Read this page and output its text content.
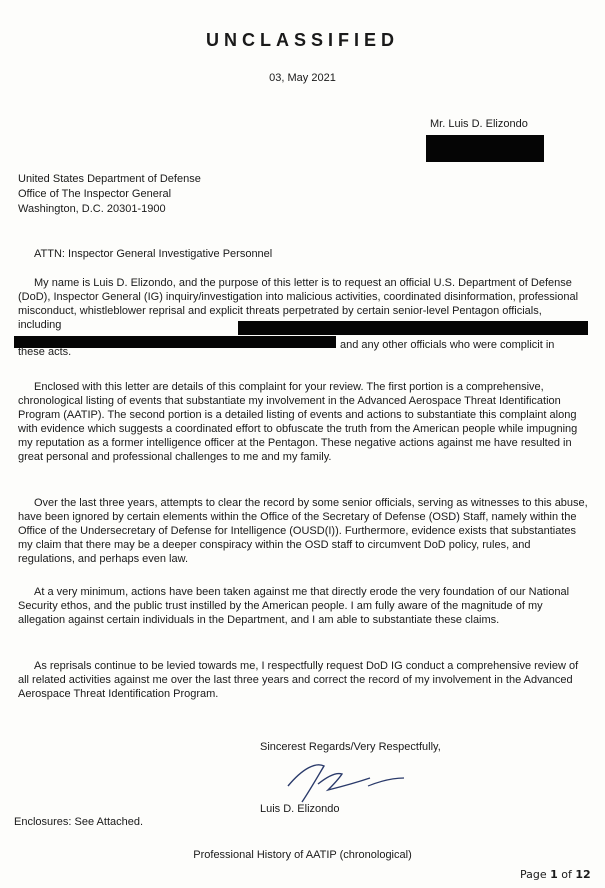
UNCLASSIFIED
03, May 2021
Mr. Luis D. Elizondo
United States Department of Defense
Office of The Inspector General
Washington, D.C. 20301-1900
ATTN: Inspector General Investigative Personnel

My name is Luis D. Elizondo, and the purpose of this letter is to request an official U.S. Department of Defense (DoD), Inspector General (IG) inquiry/investigation into malicious activities, coordinated disinformation, professional misconduct, whistleblower reprisal and explicit threats perpetrated by certain senior-level Pentagon officials, including

and any other officials who were complicit in
these acts.

Enclosed with this letter are details of this complaint for your review. The first portion is a comprehensive, chronological listing of events that substantiate my involvement in the Advanced Aerospace Threat Identification Program (AATIP). The second portion is a detailed listing of events and actions to substantiate this complaint along with evidence which suggests a coordinated effort to obfuscate the truth from the American people while impugning my reputation as a former intelligence officer at the Pentagon. These negative actions against me have resulted in great personal and professional challenges to me and my family.

Over the last three years, attempts to clear the record by some senior officials, serving as witnesses to this abuse, have been ignored by certain elements within the Office of the Secretary of Defense (OSD) Staff, namely within the Office of the Undersecretary of Defense for Intelligence (OUSD(I)). Furthermore, evidence exists that substantiates my claim that there may be a deeper conspiracy within the OSD staff to circumvent DoD policy, rules, and regulations, and perhaps even law.

At a very minimum, actions have been taken against me that directly erode the very foundation of our National Security ethos, and the public trust instilled by the American people. I am fully aware of the magnitude of my allegation against certain individuals in the Department, and I am able to substantiate these claims.

As reprisals continue to be levied towards me, I respectfully request DoD IG conduct a comprehensive review of all related activities against me over the last three years and correct the record of my involvement in the Advanced Aerospace Threat Identification Program.

Sincerest Regards/Very Respectfully,
Luis D. Elizondo
Enclosures: See Attached.
Professional History of AATIP (chronological)
Page 1 of 12
